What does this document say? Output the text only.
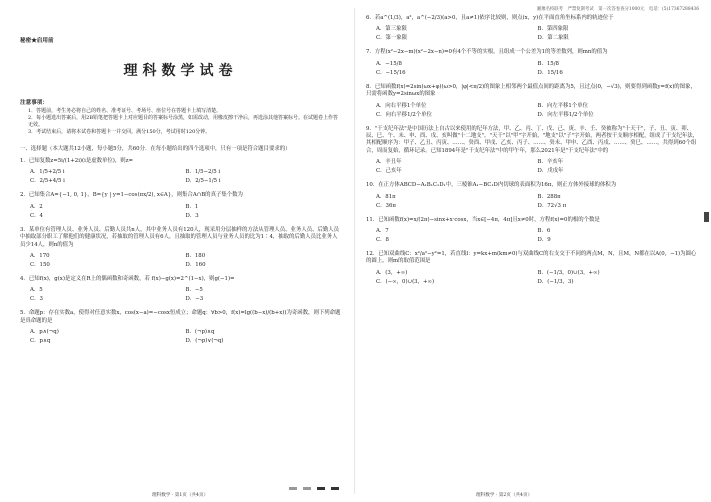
秘密★启用前
理科数学试卷
注意事项：
1．答题前，考生务必将自己的姓名、准考证号、考场号、座位号在答题卡上填写清楚。
2．每小题选出答案后，用2B铅笔把答题卡上对应题目的答案标号涂黑，如需改动，用橡皮擦干净后，再选涂其他答案标号。在试题卷上作答无效。
3．考试结束后，请将本试卷和答题卡一并交回。满分150分，考试用时120分钟。
一、选择题（本大题共12小题，每小题5分，共60分．在每小题给出的四个选项中，只有一项是符合题目要求的）
1．已知复数z=5i/(1+2i)(i是虚数单位)，则z=
A．1/5+2/5 i	B．1/5−2/5 i
C．2/5+4/5 i	D．2/5−1/5 i
2．已知集合A={−1, 0, 1}，B={y | y=1−cos(πx/2), x∈A}，则集合A∩B的真子集个数为
A．2	B．1
C．4	D．3
3．某单位有管理人员、业务人员、后勤人员共n人，其中业务人员有120人，现采用分层抽样的方法从管理人员、业务人员、后勤人员中抽取部分职工了解他们的健康状况，若抽取的管理人员有6人，且抽取的管理人员与业务人员的比为1∶4，抽取的后勤人员比业务人员少14人，则n的值为
A．170	B．180
C．150	D．160
4．已知f(x)，g(x)是定义在R上的偶函数和奇函数，若 f(x)−g(x)=2^(1−x)，则g(−1)=
A．5	B．−5
C．3	D．−3
5．命题p：存在实数a，使得对任意实数x，cos(x−a)=−cosx恒成立；命题q：∀b>0，f(x)=lg((b−x)/(b+x))为奇函数，则下列命题是真命题的是
A．p∧(¬q)	B．(¬p)∧q
C．p∧q	D．(¬p)∨(¬q)
理科数学 · 第1页（共4页）
湘豫名校联考　严禁复制考试　第一次答卷查分1000元　电话：(5)17367288436
6．若a^(1/3)，a²，a^(−2/3)(a>0，且a≠1)依序比较则，则点(x，y)在平面直角坐标系内的轨迹位于
A．第三象限	B．第四象限
C．第一象限	D．第二象限
7．方程(x²−2x−m)(x²−2x−n)=0有4个不等的实根，且组成一个公差为1的等差数列，则mn的值为
A．−15/8	B．15/8
C．−15/16	D．15/16
8．已知函数f(x)=2sin(ωx+φ)(ω>0，|φ|<π/2)的图象上相邻两个最值点间的距离为5，且过点(0，−√3)，则要得到函数y=f(x)的图象，只需将函数y=2sinωx的图象
A．向右平移1个单位	B．向左平移1个单位
C．向右平移1/2个单位	D．向左平移1/2个单位
9．"干支纪年法"是中国历法上自古以来使用的纪年方法，甲、乙、丙、丁、戊、己、庚、辛、壬、癸被称为"十天干"，子、丑、寅、卯、辰、巳、午、未、申、酉、戌、亥叫做"十二地支"。"天干"以"甲"字开始，"地支"以"子"字开始，两者按干支顺序相配，组成了干支纪年法，其相配顺序为：甲子、乙丑、丙寅、……、癸酉、甲戌、乙亥、丙子、……、癸未、甲申、乙酉、丙戌、……、癸巳、……，共得到60个组合，周而复始，循环记录。已知1894年是"干支纪年法"中的甲午年，那么2021年是"干支纪年法"中的
A．辛丑年	B．辛亥年
C．己亥年	D．戊戌年
10．在正方体ABCD−A₁B₁C₁D₁中，三棱锥A₁−BC₁D内切球的表面积为16π，则正方体外接球的体积为
A．81π	B．288π
C．36π	D．72√3 π
11．已知函数f(x)=x/(2π)−sinx+x·cosx，当x∈[−4π，4π]且x≠0时，方程f(x)=0的根的个数是
A．7	B．6
C．8	D．9
12．已知双曲线C：x²/a²−y²=1，若直线l：y=kx+m(km≠0)与双曲线C的右支交于不同的两点M，N，且M，N都在以A(0，−1)为圆心的圆上，则m的取值范围是
A．(3，+∞)	B．(−1/3，0)∪(3，+∞)
C．(−∞，0)∪(3，+∞)	D．(−1/3，3)
理科数学 · 第2页（共4页）
